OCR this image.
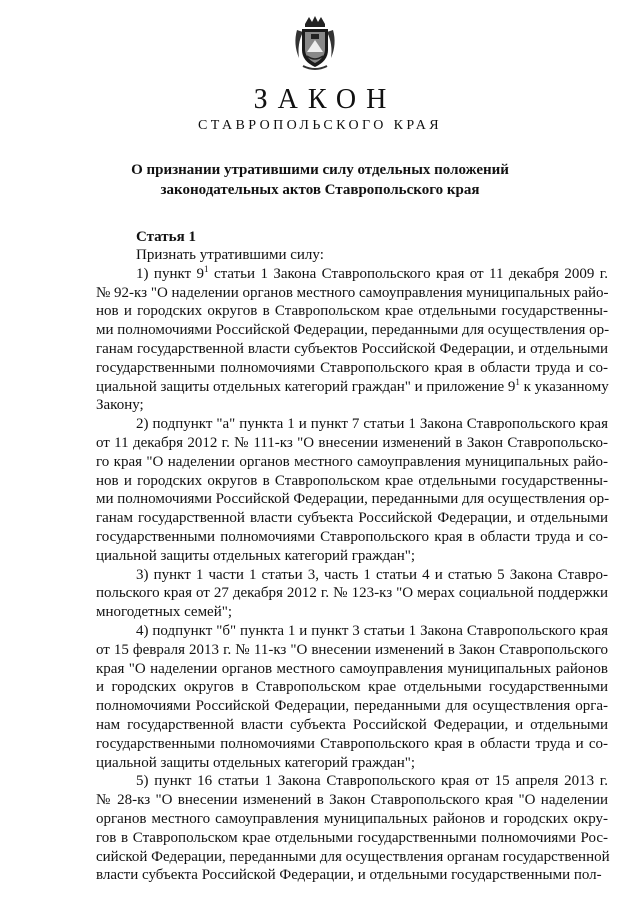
ЗАКОН
СТАВРОПОЛЬСКОГО КРАЯ
О признании утратившими силу отдельных положений
законодательных актов Ставропольского края
Статья 1
Признать утратившими силу:
1) пункт $9^1$ статьи 1 Закона Ставропольского края от 11 декабря 2009 г.
№ 92-кз "О наделении органов местного самоуправления муниципальных райо-
нов и городских округов в Ставропольском крае отдельными государственны-
ми полномочиями Российской Федерации, переданными для осуществления ор-
ганам государственной власти субъектов Российской Федерации, и отдельными
государственными полномочиями Ставропольского края в области труда и со-
циальной защиты отдельных категорий граждан" и приложение $9^1$ к указанному
Закону;
2) подпункт "а" пункта 1 и пункт 7 статьи 1 Закона Ставропольского края
от 11 декабря 2012 г. № 111-кз "О внесении изменений в Закон Ставропольско-
го края "О наделении органов местного самоуправления муниципальных райо-
нов и городских округов в Ставропольском крае отдельными государственны-
ми полномочиями Российской Федерации, переданными для осуществления ор-
ганам государственной власти субъекта Российской Федерации, и отдельными
государственными полномочиями Ставропольского края в области труда и со-
циальной защиты отдельных категорий граждан";
3) пункт 1 части 1 статьи 3, часть 1 статьи 4 и статью 5 Закона Ставро-
польского края от 27 декабря 2012 г. № 123-кз "О мерах социальной поддержки
многодетных семей";
4) подпункт "б" пункта 1 и пункт 3 статьи 1 Закона Ставропольского края
от 15 февраля 2013 г. № 11-кз "О внесении изменений в Закон Ставропольского
края "О наделении органов местного самоуправления муниципальных районов
и городских округов в Ставропольском крае отдельными государственными
полномочиями Российской Федерации, переданными для осуществления орга-
нам государственной власти субъекта Российской Федерации, и отдельными
государственными полномочиями Ставропольского края в области труда и со-
циальной защиты отдельных категорий граждан";
5) пункт 16 статьи 1 Закона Ставропольского края от 15 апреля 2013 г.
№ 28-кз "О внесении изменений в Закон Ставропольского края "О наделении
органов местного самоуправления муниципальных районов и городских окру-
гов в Ставропольском крае отдельными государственными полномочиями Рос-
сийской Федерации, переданными для осуществления органам государственной
власти субъекта Российской Федерации, и отдельными государственными пол-
